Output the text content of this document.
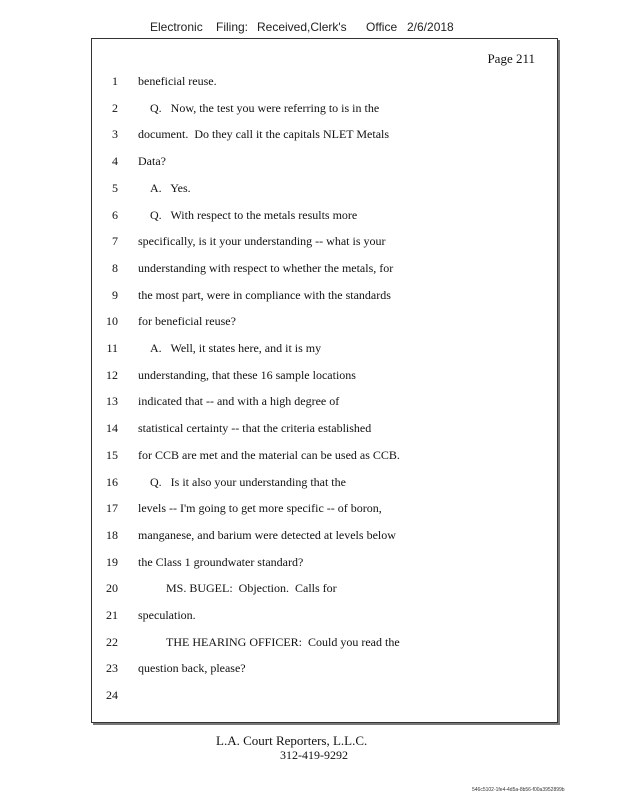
Electronic Filing: Received,Clerk's Office 2/6/2018
Page 211
1 beneficial reuse.
2	Q.   Now, the test you were referring to is in the
3 document.  Do they call it the capitals NLET Metals
4 Data?
5	A.   Yes.
6	Q.   With respect to the metals results more
7 specifically, is it your understanding -- what is your
8 understanding with respect to whether the metals, for
9 the most part, were in compliance with the standards
10 for beneficial reuse?
11	A.   Well, it states here, and it is my
12 understanding, that these 16 sample locations
13 indicated that -- and with a high degree of
14 statistical certainty -- that the criteria established
15 for CCB are met and the material can be used as CCB.
16	Q.   Is it also your understanding that the
17 levels -- I'm going to get more specific -- of boron,
18 manganese, and barium were detected at levels below
19 the Class 1 groundwater standard?
20	MS. BUGEL:  Objection.  Calls for
21 speculation.
22	THE HEARING OFFICER:  Could you read the
23 question back, please?
24
L.A. Court Reporters, L.L.C.
312-419-9292
546c5102-1fe4-4d5a-8b56-f00a3952899b
